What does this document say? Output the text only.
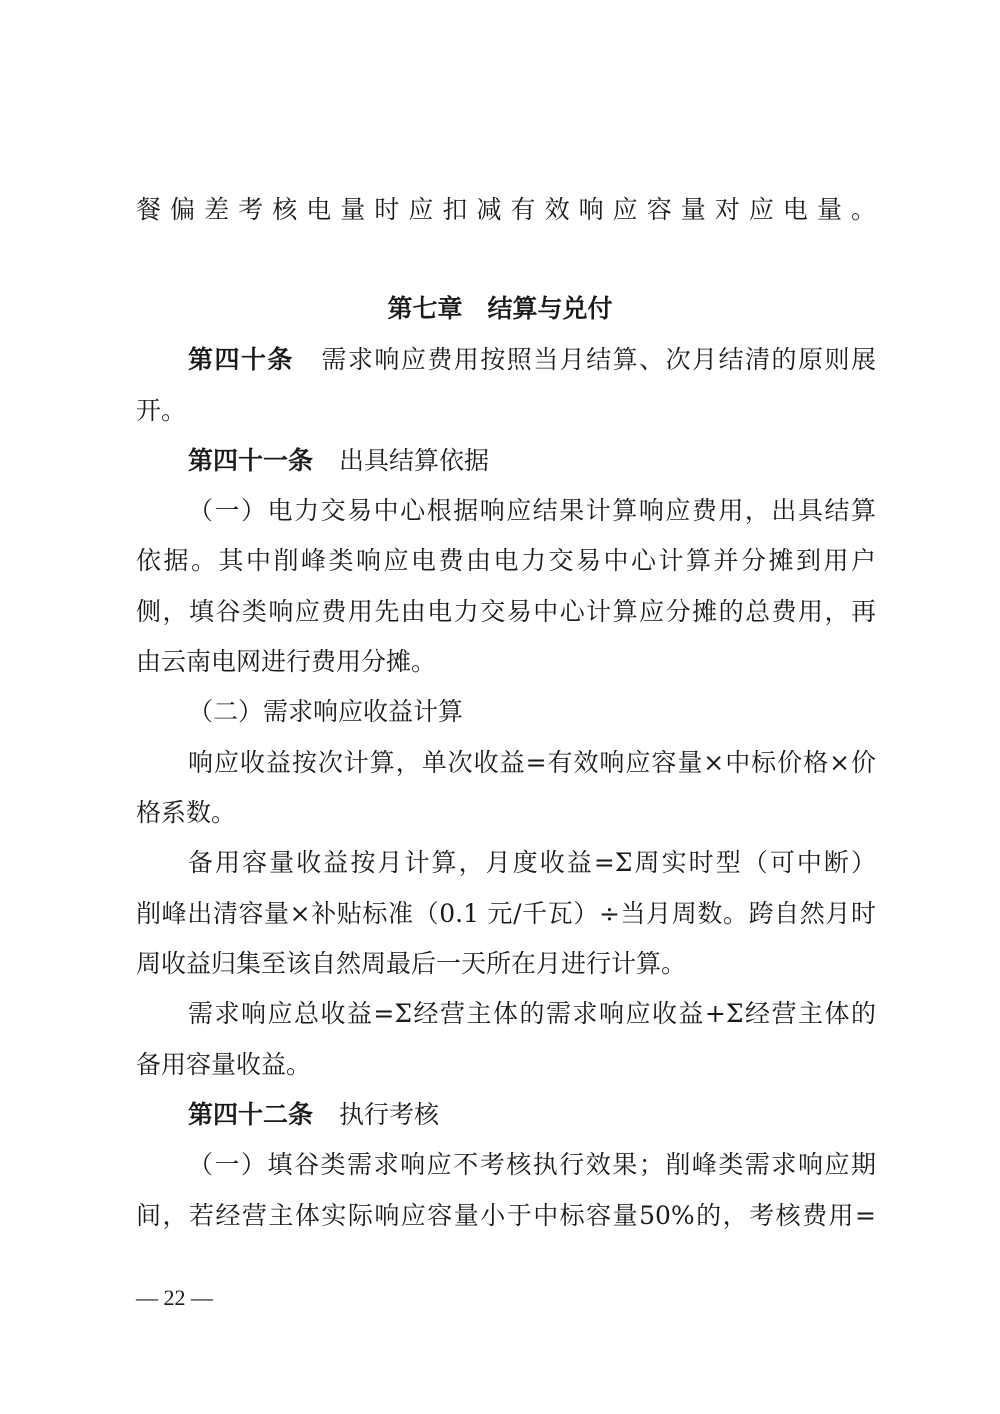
餐偏差考核电量时应扣减有效响应容量对应电量。

第七章　结算与兑付

第四十条 需求响应费用按照当月结算、次月结清的原则展

开。

第四十一条 出具结算依据

（一）电力交易中心根据响应结果计算响应费用，出具结算

依据。其中削峰类响应电费由电力交易中心计算并分摊到用户

侧，填谷类响应费用先由电力交易中心计算应分摊的总费用，再

由云南电网进行费用分摊。

（二）需求响应收益计算

响应收益按次计算，单次收益=有效响应容量×中标价格×价

格系数。

备用容量收益按月计算，月度收益=Σ周实时型（可中断）

削峰出清容量×补贴标准（0.1 元/千瓦）÷当月周数。跨自然月时

周收益归集至该自然周最后一天所在月进行计算。

需求响应总收益=Σ经营主体的需求响应收益+Σ经营主体的

备用容量收益。

第四十二条 执行考核

（一）填谷类需求响应不考核执行效果；削峰类需求响应期

间，若经营主体实际响应容量小于中标容量50%的，考核费用=

— 22 —
